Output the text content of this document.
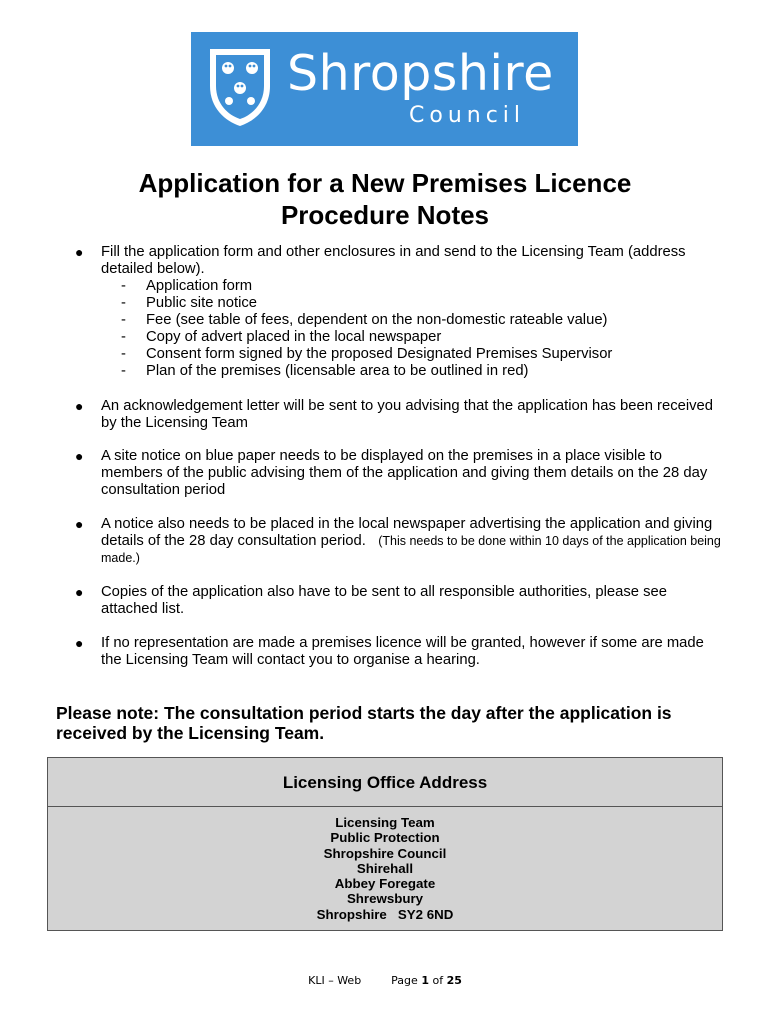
Shropshire
Council
Application for a New Premises Licence
Procedure Notes
● Fill the application form and other enclosures in and send to the Licensing Team (address detailed below).
- Application form
- Public site notice
- Fee (see table of fees, dependent on the non-domestic rateable value)
- Copy of advert placed in the local newspaper
- Consent form signed by the proposed Designated Premises Supervisor
- Plan of the premises (licensable area to be outlined in red)
● An acknowledgement letter will be sent to you advising that the application has been received by the Licensing Team
● A site notice on blue paper needs to be displayed on the premises in a place visible to members of the public advising them of the application and giving them details on the 28 day consultation period
● A notice also needs to be placed in the local newspaper advertising the application and giving details of the 28 day consultation period. (This needs to be done within 10 days of the application being made.)
● Copies of the application also have to be sent to all responsible authorities, please see attached list.
● If no representation are made a premises licence will be granted, however if some are made the Licensing Team will contact you to organise a hearing.
Please note: The consultation period starts the day after the application is received by the Licensing Team.
Licensing Office Address
Licensing Team
Public Protection
Shropshire Council
Shirehall
Abbey Foregate
Shrewsbury
Shropshire   SY2 6ND
KLI – Web	Page 1 of 25
